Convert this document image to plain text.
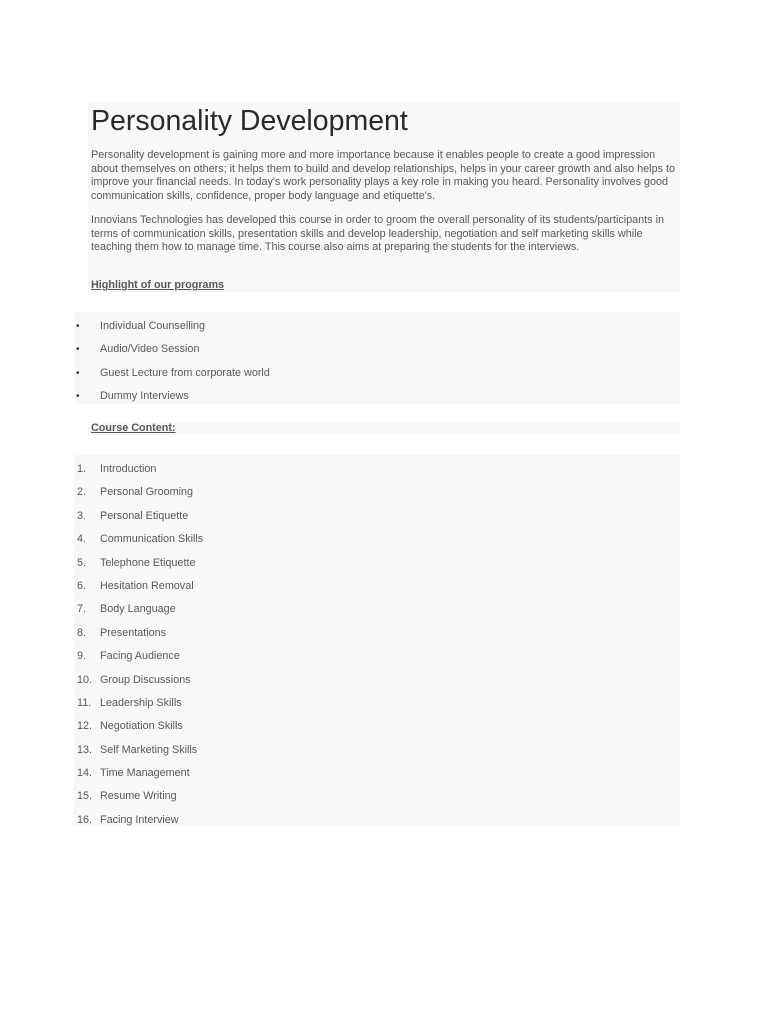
Personality Development

Personality development is gaining more and more importance because it enables people to create a good impression about themselves on others; it helps them to build and develop relationships, helps in your career growth and also helps to improve your financial needs. In today's work personality plays a key role in making you heard. Personality involves good communication skills, confidence, proper body language and etiquette's.

Innovians Technologies has developed this course in order to groom the overall personality of its students/participants in terms of communication skills, presentation skills and develop leadership, negotiation and self marketing skills while teaching them how to manage time. This course also aims at preparing the students for the interviews.

Highlight of our programs
• Individual Counselling
• Audio/Video Session
• Guest Lecture from corporate world
• Dummy Interviews
Course Content:
1. Introduction
2. Personal Grooming
3. Personal Etiquette
4. Communication Skills
5. Telephone Etiquette
6. Hesitation Removal
7. Body Language
8. Presentations
9. Facing Audience
10. Group Discussions
11. Leadership Skills
12. Negotiation Skills
13. Self Marketing Skills
14. Time Management
15. Resume Writing
16. Facing Interview
